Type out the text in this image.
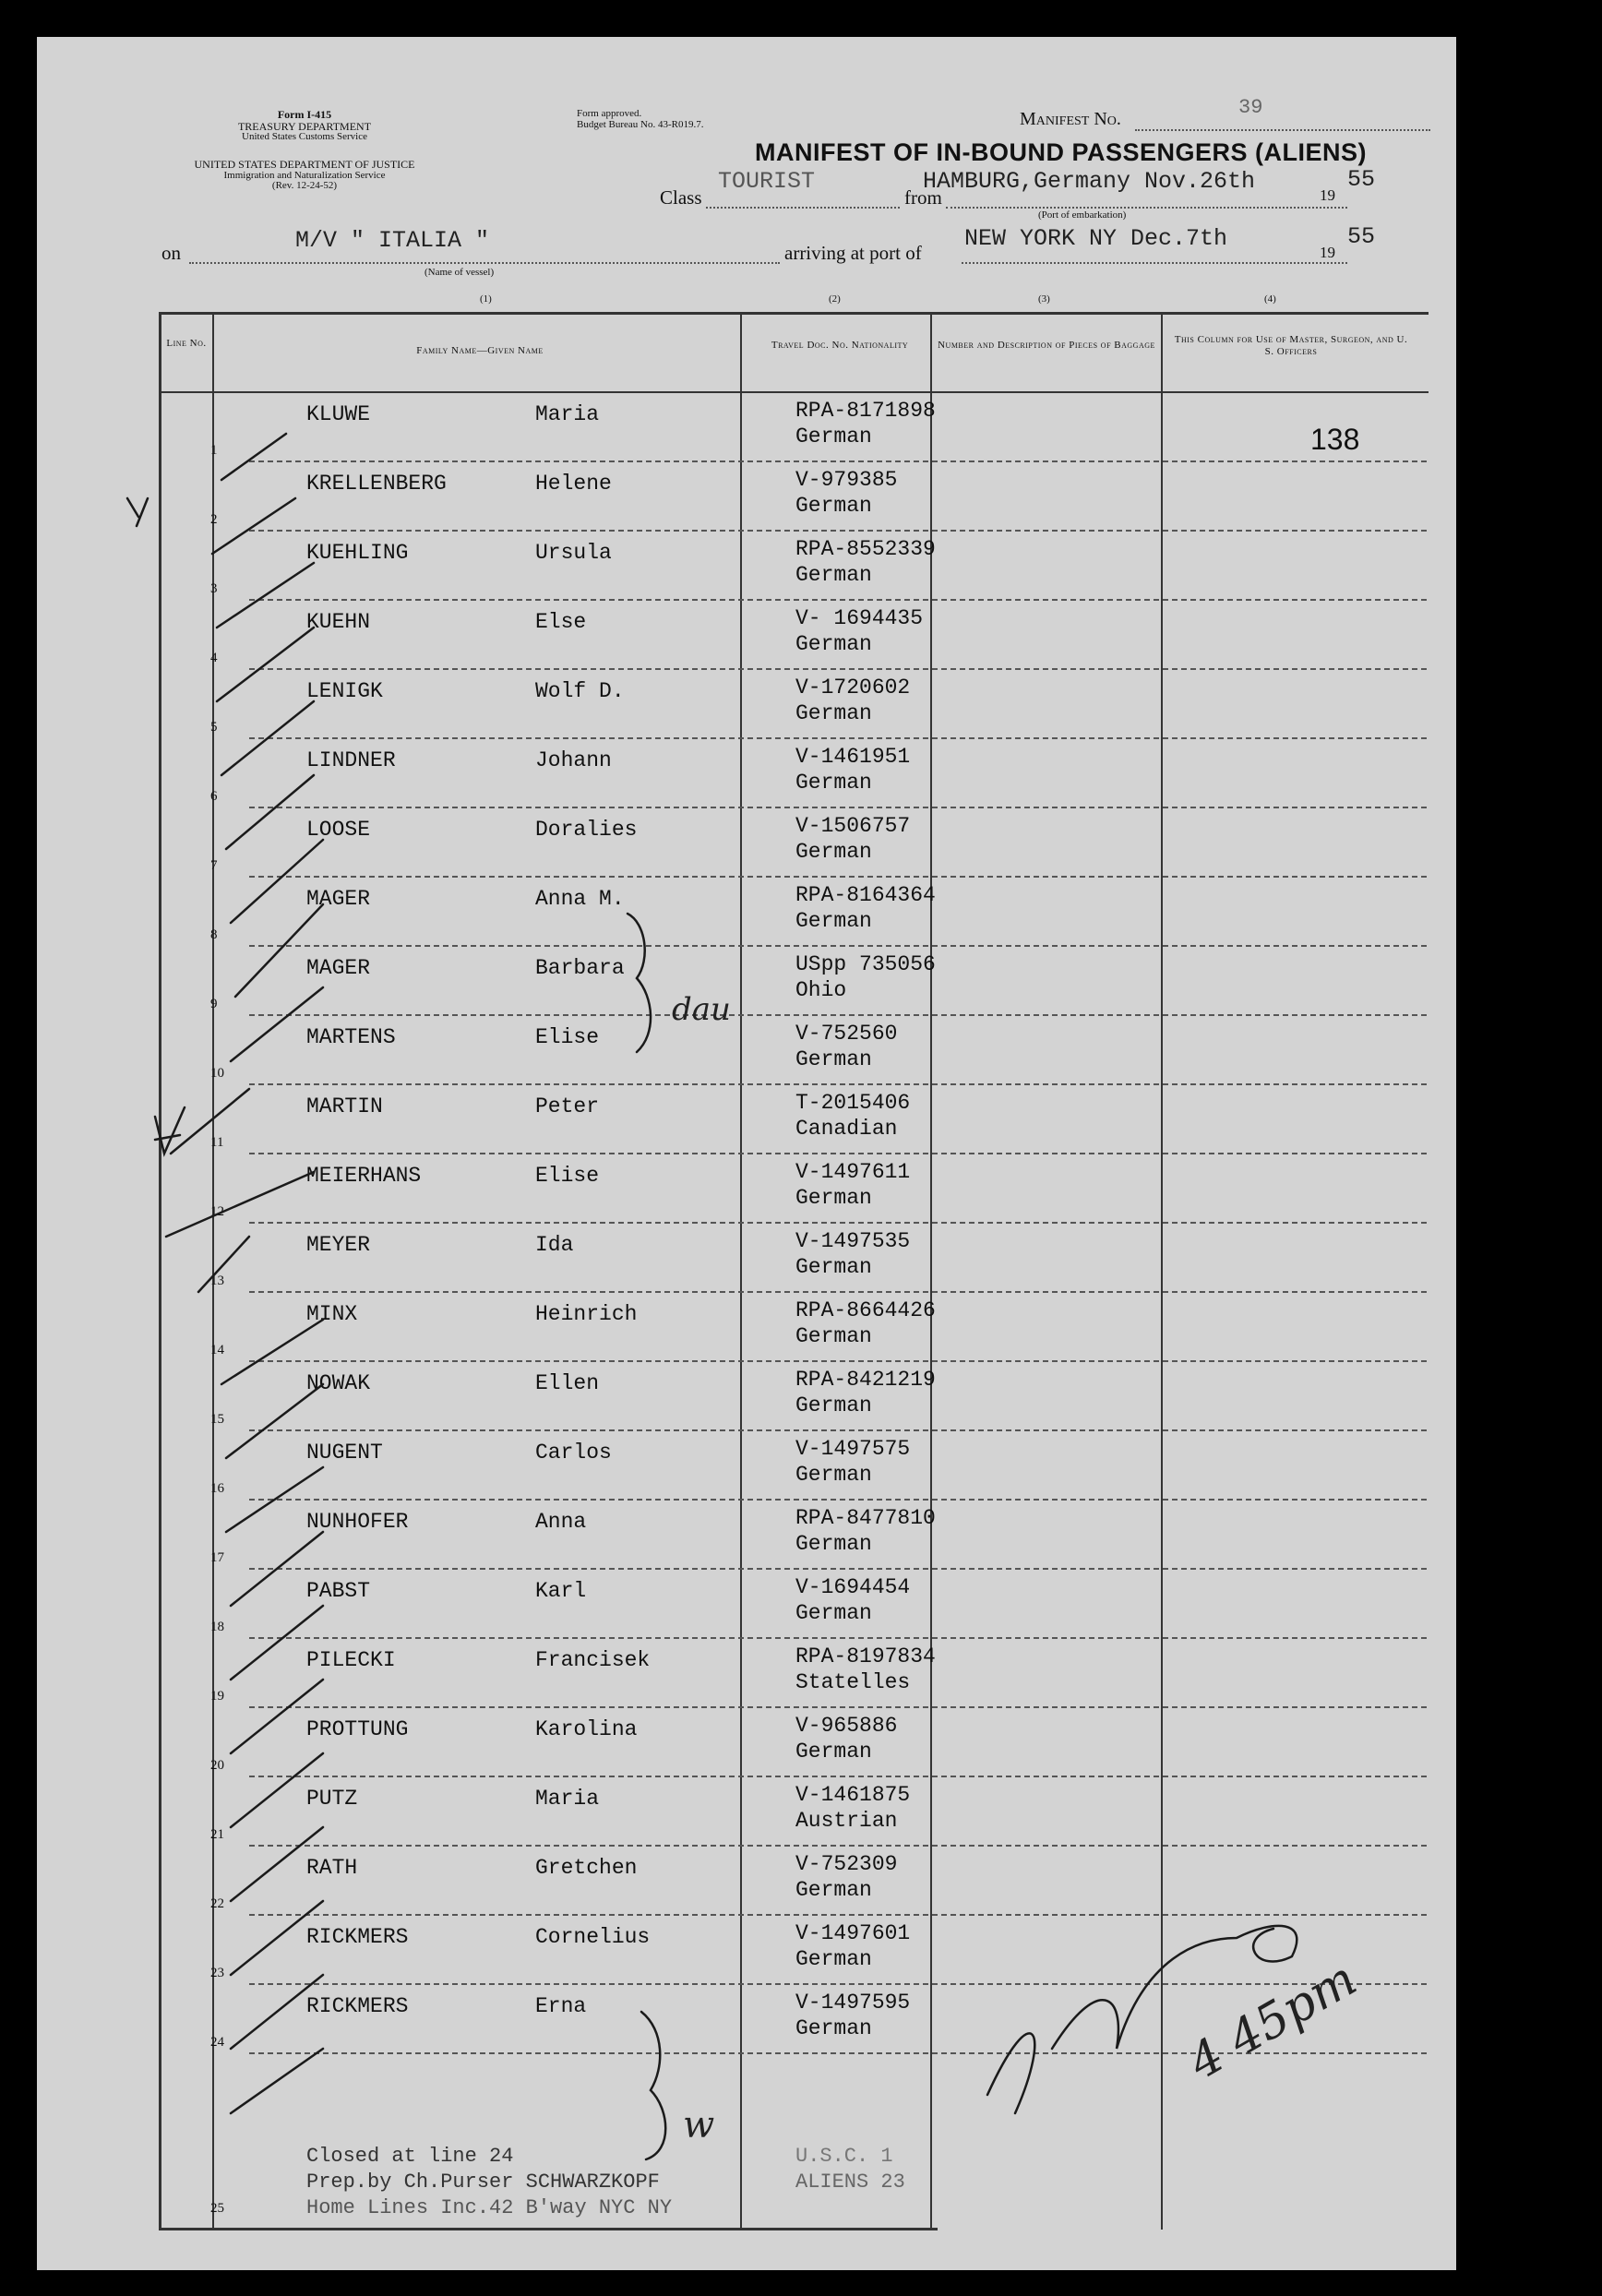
Form I-415
TREASURY DEPARTMENT
United States Customs Service
UNITED STATES DEPARTMENT OF JUSTICE
Immigration and Naturalization Service
(Rev. 12-24-52)
Form approved.
Budget Bureau No. 43-R019.7.	Manifest No.	39
MANIFEST OF IN-BOUND PASSENGERS (ALIENS)
Class
TOURIST
from
HAMBURG,Germany Nov.26th
19
55
(Port of embarkation)
on	M/V " ITALIA "
(Name of vessel)
arriving at port of
NEW YORK NY Dec.7th
19
55
(1)	(2)	(3)	(4)
Line No.
Family Name—Given Name	Travel Doc. No. Nationality	Number and Description of Pieces of Baggage	This Column for Use of Master, Surgeon, and U. S. Officers
1
KLUWE	Maria	RPA-8171898
German
2
KRELLENBERG	Helene	V-979385
German
3
KUEHLING	Ursula	RPA-8552339
German
4
KUEHN	Else	V- 1694435
German
5
LENIGK	Wolf D.	V-1720602
German
6
LINDNER	Johann	V-1461951
German
7
LOOSE	Doralies	V-1506757
German
8
MAGER	Anna M.	RPA-8164364
German
9
MAGER	Barbara	USpp 735056
Ohio
10
MARTENS	Elise	V-752560
German
11
MARTIN	Peter	T-2015406
Canadian
12
MEIERHANS	Elise	V-1497611
German
13
MEYER	Ida	V-1497535
German
14
MINX	Heinrich	RPA-8664426
German
15
NOWAK	Ellen	RPA-8421219
German
16
NUGENT	Carlos	V-1497575
German
17
NUNHOFER	Anna	RPA-8477810
German
18
PABST	Karl	V-1694454
German
19
PILECKI	Francisek	RPA-8197834
Statelles
20
PROTTUNG	Karolina	V-965886
German
21
PUTZ	Maria	V-1461875
Austrian
22
RATH	Gretchen	V-752309
German
23
RICKMERS	Cornelius	V-1497601
German
24
RICKMERS	Erna	V-1497595
German
25
Closed at line 24
Prep.by Ch.Purser SCHWARZKOPF
Home Lines Inc.42 B'way NYC NY
U.S.C. 1
ALIENS 23
138
dau
w
4 45pm
